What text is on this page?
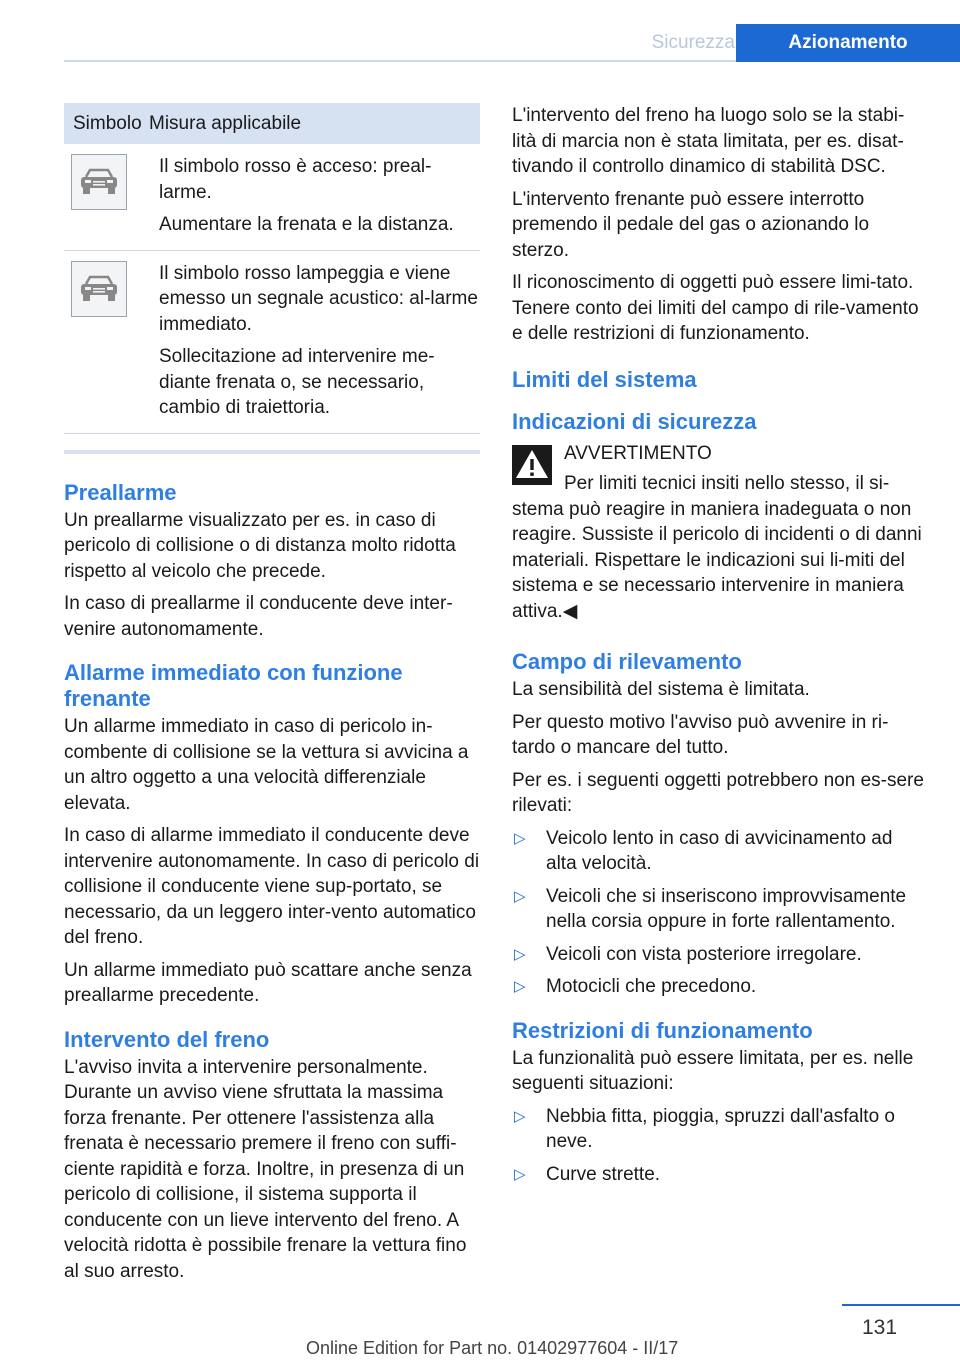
Sicurezza	Azionamento
Simbolo Misura applicabile

Il simbolo rosso è acceso: preal-larme.

Aumentare la frenata e la distanza.

Il simbolo rosso lampeggia e viene emesso un segnale acustico: al-larme immediato.

Sollecitazione ad intervenire me-diante frenata o, se necessario, cambio di traiettoria.

Preallarme

Un preallarme visualizzato per es. in caso di pericolo di collisione o di distanza molto ridotta rispetto al veicolo che precede.

In caso di preallarme il conducente deve inter-venire autonomamente.

Allarme immediato con funzione frenante

Un allarme immediato in caso di pericolo in-combente di collisione se la vettura si avvicina a un altro oggetto a una velocità differenziale elevata.

In caso di allarme immediato il conducente deve intervenire autonomamente. In caso di pericolo di collisione il conducente viene sup-portato, se necessario, da un leggero inter-vento automatico del freno.

Un allarme immediato può scattare anche senza preallarme precedente.

Intervento del freno

L'avviso invita a intervenire personalmente. Durante un avviso viene sfruttata la massima forza frenante. Per ottenere l'assistenza alla frenata è necessario premere il freno con suffi-ciente rapidità e forza. Inoltre, in presenza di un pericolo di collisione, il sistema supporta il conducente con un lieve intervento del freno. A velocità ridotta è possibile frenare la vettura fino al suo arresto.

L'intervento del freno ha luogo solo se la stabi-lità di marcia non è stata limitata, per es. disat-tivando il controllo dinamico di stabilità DSC.

L'intervento frenante può essere interrotto premendo il pedale del gas o azionando lo sterzo.

Il riconoscimento di oggetti può essere limi-tato. Tenere conto dei limiti del campo di rile-vamento e delle restrizioni di funzionamento.

Limiti del sistema
Indicazioni di sicurezza
AVVERTIMENTO

Per limiti tecnici insiti nello stesso, il si-stema può reagire in maniera inadeguata o non reagire. Sussiste il pericolo di incidenti o di danni materiali. Rispettare le indicazioni sui li-miti del sistema e se necessario intervenire in maniera attiva.◀

Campo di rilevamento

La sensibilità del sistema è limitata.

Per questo motivo l'avviso può avvenire in ri-tardo o mancare del tutto.

Per es. i seguenti oggetti potrebbero non es-sere rilevati:

▷ Veicolo lento in caso di avvicinamento ad alta velocità.
▷ Veicoli che si inseriscono improvvisamente nella corsia oppure in forte rallentamento.
▷ Veicoli con vista posteriore irregolare.
▷ Motocicli che precedono.
Restrizioni di funzionamento

La funzionalità può essere limitata, per es. nelle seguenti situazioni:

▷ Nebbia fitta, pioggia, spruzzi dall'asfalto o neve.
▷ Curve strette.
131
Online Edition for Part no. 01402977604 - II/17
